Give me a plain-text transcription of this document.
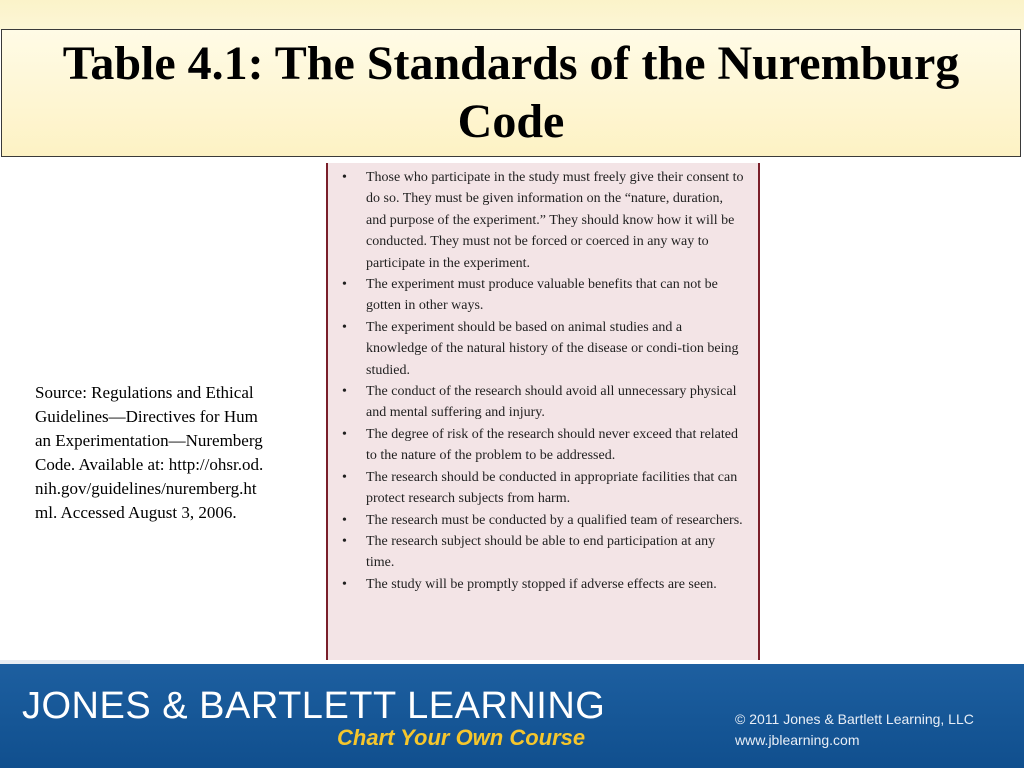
Table 4.1: The Standards of the Nuremburg Code

Source: Regulations and Ethical Guidelines—Directives for Human Experimentation—Nuremberg Code. Available at: http://ohsr.od.nih.gov/guidelines/nuremberg.html. Accessed August 3, 2006.

•	Those who participate in the study must freely give their consent to do so. They must be given information on the “nature, duration, and purpose of the experiment.” They should know how it will be conducted. They must not be forced or coerced in any way to participate in the experiment.
•	The experiment must produce valuable benefits that can not be gotten in other ways.
•	The experiment should be based on animal studies and a knowledge of the natural history of the disease or condi-tion being studied.
•	The conduct of the research should avoid all unnecessary physical and mental suffering and injury.
•	The degree of risk of the research should never exceed that related to the nature of the problem to be addressed.
•	The research should be conducted in appropriate facilities that can protect research subjects from harm.
•	The research must be conducted by a qualified team of researchers.
•	The research subject should be able to end participation at any time.
•	The study will be promptly stopped if adverse effects are seen.
JONES & BARTLETT LEARNING
Chart Your Own Course
© 2011 Jones & Bartlett Learning, LLC
www.jblearning.com
